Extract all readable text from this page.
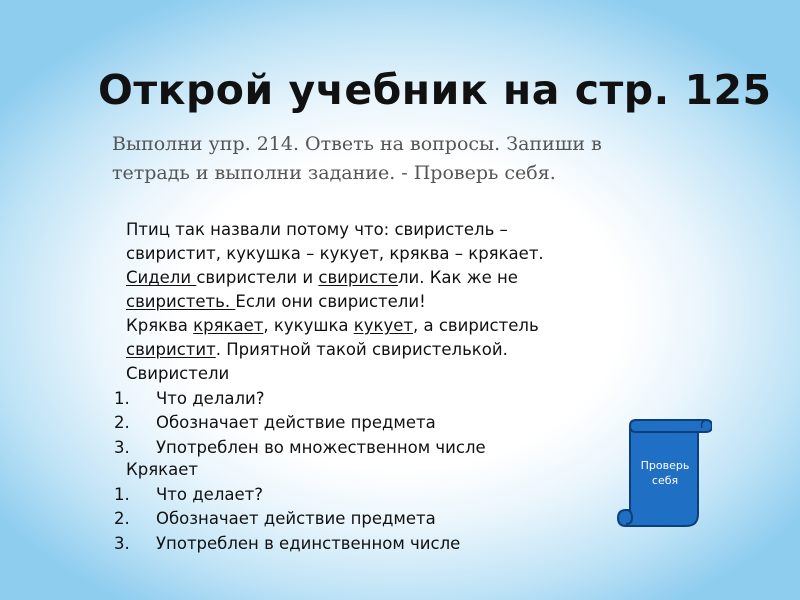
Открой учебник на стр. 125
Выполни упр. 214. Ответь на вопросы. Запиши в тетрадь и выполни задание. - Проверь себя.
Птиц так назвали потому что: свиристель –
свиристит, кукушка – кукует, кряква – крякает.
Сидели свиристели и свиристели. Как же не
свиристеть. Если они свиристели!
Кряква крякает, кукушка кукует, а свиристель
свиристит. Приятной такой свиристелькой.
Свиристели
1.	Что делали?
2.	Обозначает действие предмета
3.	Употреблен во множественном числе
Крякает
1.	Что делает?
2.	Обозначает действие предмета
3.	Употреблен в единственном числе
Проверь
себя
